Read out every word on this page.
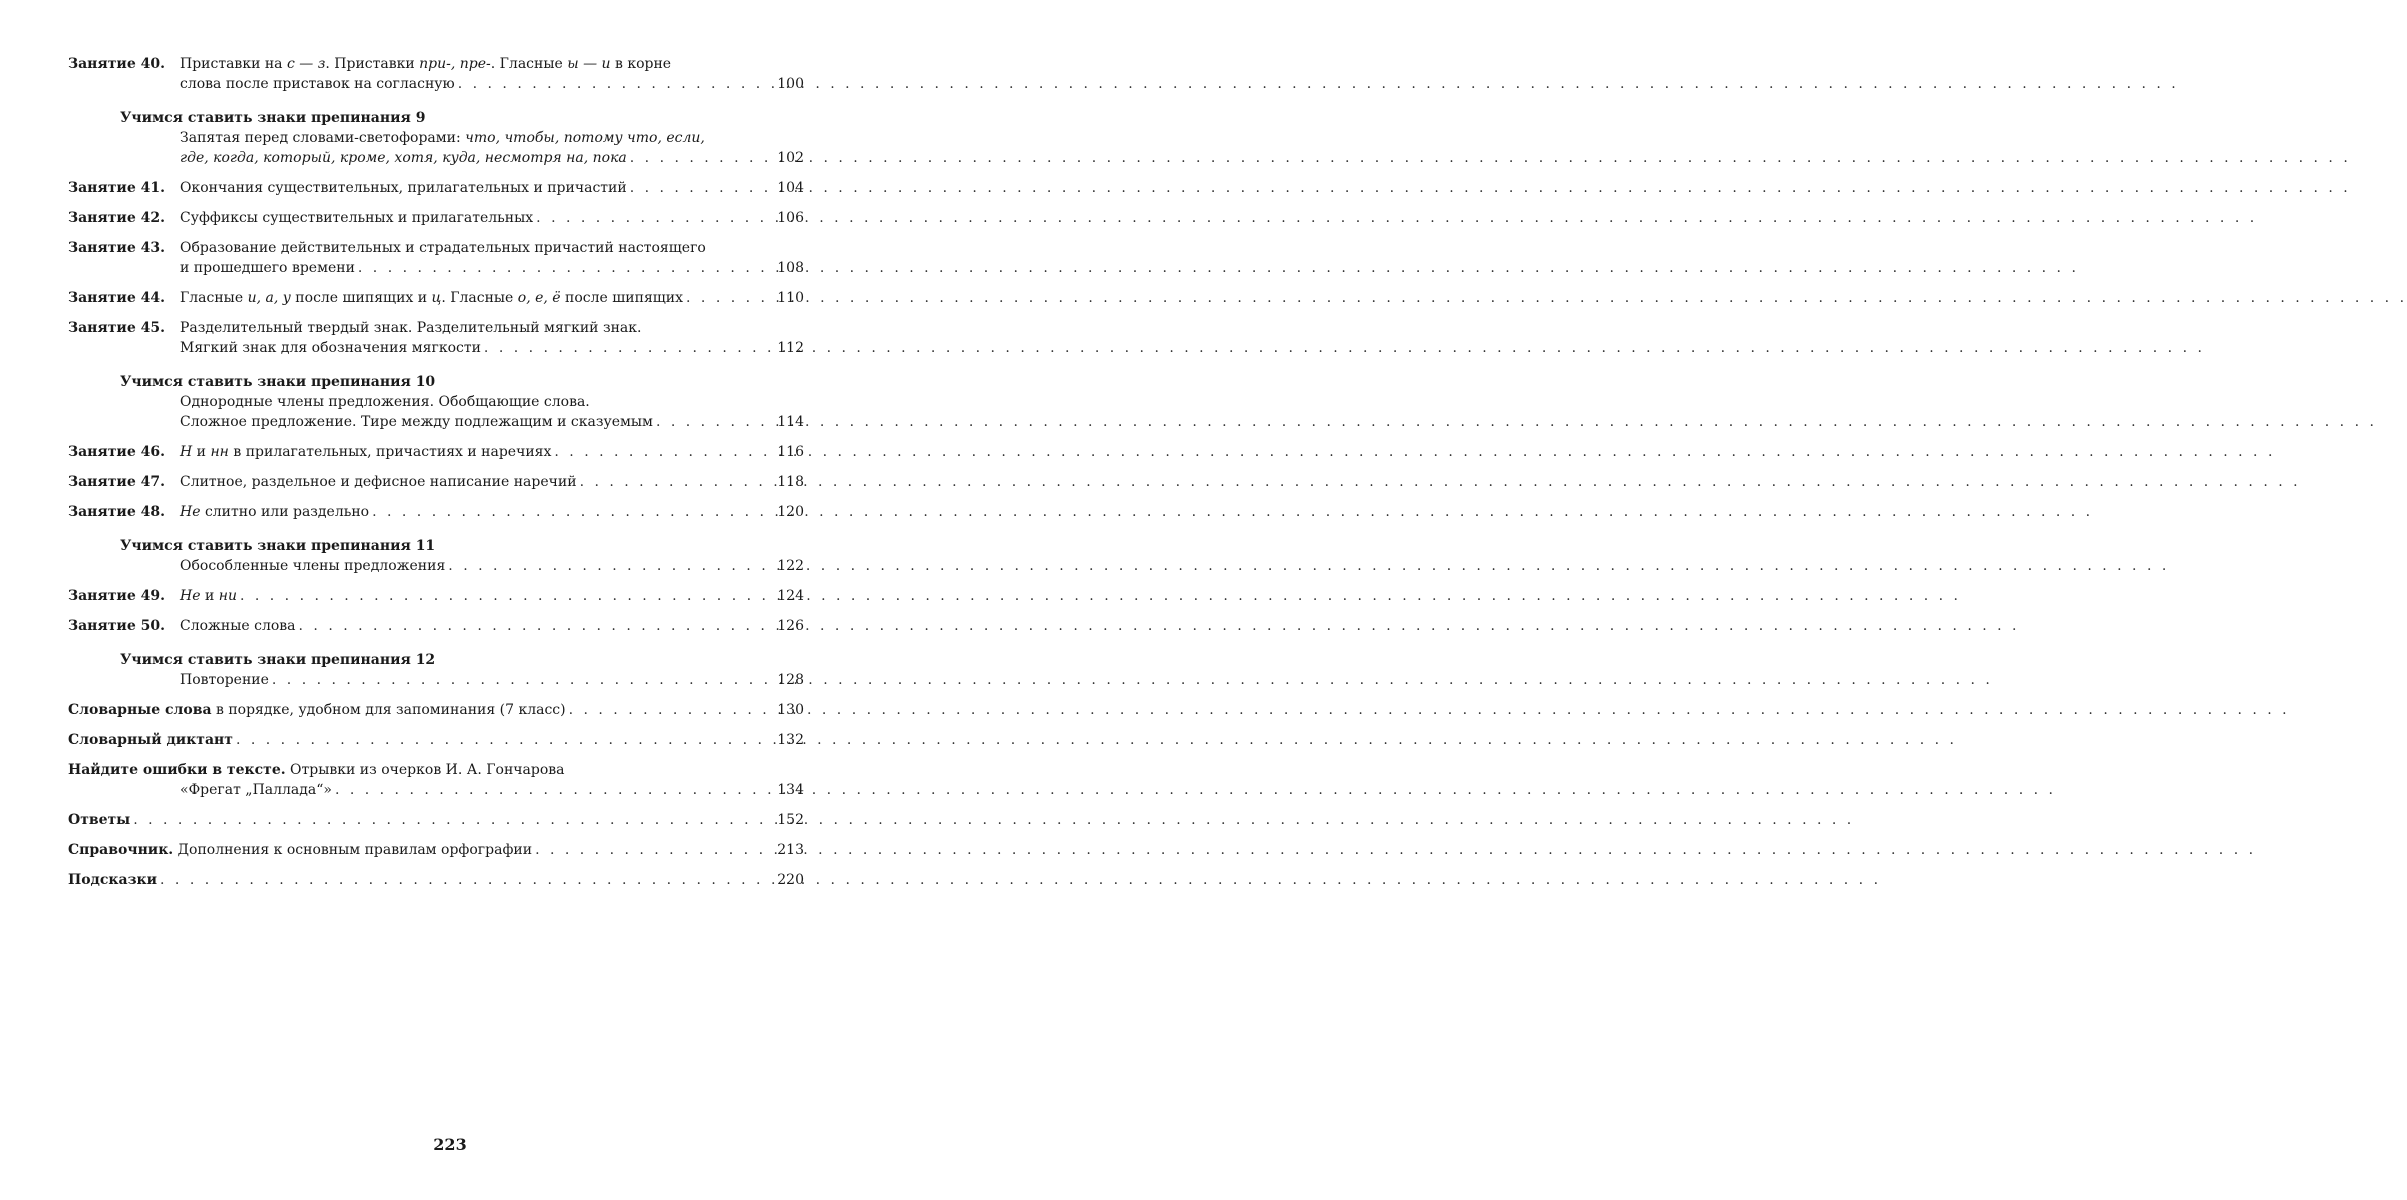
Занятие 40.	Приставки на с — з. Приставки при-, пре-. Гласные ы — и в корне
слова после приставок на согласную . . .	100
Учимся ставить знаки препинания 9
Запятая перед словами-светофорами: что, чтобы, потому что, если,
где, когда, который, кроме, хотя, куда, несмотря на, пока . . .	102
Занятие 41.	Окончания существительных, прилагательных и причастий . . .	104
Занятие 42.	Суффиксы существительных и прилагательных . . .	106
Занятие 43.	Образование действительных и страдательных причастий настоящего
и прошедшего времени . . .	108
Занятие 44.	Гласные и, а, у после шипящих и ц. Гласные о, е, ё после шипящих . . .	110
Занятие 45.	Разделительный твердый знак. Разделительный мягкий знак.
Мягкий знак для обозначения мягкости . . .	112
Учимся ставить знаки препинания 10
Однородные члены предложения. Обобщающие слова.
Сложное предложение. Тире между подлежащим и сказуемым . . .	114
Занятие 46.	Н и нн в прилагательных, причастиях и наречиях . . .	116
Занятие 47.	Слитное, раздельное и дефисное написание наречий . . .	118
Занятие 48.	Не слитно или раздельно . . .	120
Учимся ставить знаки препинания 11
Обособленные члены предложения . . .	122
Занятие 49.	Не и ни . . .	124
Занятие 50.	Сложные слова . . .	126
Учимся ставить знаки препинания 12
Повторение . . .	128
Словарные слова в порядке, удобном для запоминания (7 класс) . . .	130
Словарный диктант . . .	132
Найдите ошибки в тексте. Отрывки из очерков И. А. Гончарова
«Фрегат „Паллада“» . . .	134
Ответы . . .	152
Справочник. Дополнения к основным правилам орфографии . . .	213
Подсказки . . .	220
223
